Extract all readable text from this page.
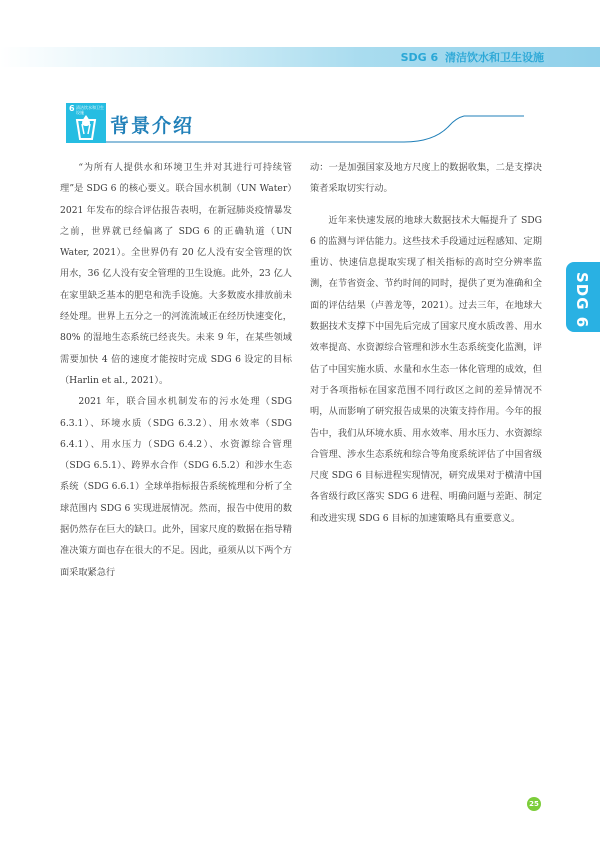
SDG 6 清洁饮水和卫生设施
6 清洁饮水和卫生设施
背景介绍
SDG 6

“为所有人提供水和环境卫生并对其进行可持续管理”是 SDG 6 的核心要义。联合国水机制（UN Water）2021 年发布的综合评估报告表明，在新冠肺炎疫情暴发之前，世界就已经偏离了 SDG 6 的正确轨道（UN Water, 2021）。全世界仍有 20 亿人没有安全管理的饮用水，36 亿人没有安全管理的卫生设施。此外，23 亿人在家里缺乏基本的肥皂和洗手设施。大多数废水排放前未经处理。世界上五分之一的河流流域正在经历快速变化，80% 的湿地生态系统已经丧失。未来 9 年，在某些领域需要加快 4 倍的速度才能按时完成 SDG 6 设定的目标（Harlin et al., 2021）。

2021 年，联合国水机制发布的污水处理（SDG 6.3.1）、环境水质（SDG 6.3.2）、用水效率（SDG 6.4.1）、用水压力（SDG 6.4.2）、水资源综合管理（SDG 6.5.1）、跨界水合作（SDG 6.5.2）和涉水生态系统（SDG 6.6.1）全球单指标报告系统梳理和分析了全球范围内 SDG 6 实现进展情况。然而，报告中使用的数据仍然存在巨大的缺口。此外，国家尺度的数据在指导精准决策方面也存在很大的不足。因此，亟须从以下两个方面采取紧急行

动：一是加强国家及地方尺度上的数据收集，二是支撑决策者采取切实行动。

近年来快速发展的地球大数据技术大幅提升了 SDG 6 的监测与评估能力。这些技术手段通过远程感知、定期重访、快速信息提取实现了相关指标的高时空分辨率监测，在节省资金、节约时间的同时，提供了更为准确和全面的评估结果（卢善龙等，2021）。过去三年，在地球大数据技术支撑下中国先后完成了国家尺度水质改善、用水效率提高、水资源综合管理和涉水生态系统变化监测，评估了中国实施水质、水量和水生态一体化管理的成效，但对于各项指标在国家范围不同行政区之间的差异情况不明，从而影响了研究报告成果的决策支持作用。今年的报告中，我们从环境水质、用水效率、用水压力、水资源综合管理、涉水生态系统和综合等角度系统评估了中国省级尺度 SDG 6 目标进程实现情况，研究成果对于横清中国各省级行政区落实 SDG 6 进程、明确问题与差距、制定和改进实现 SDG 6 目标的加速策略具有重要意义。

25
